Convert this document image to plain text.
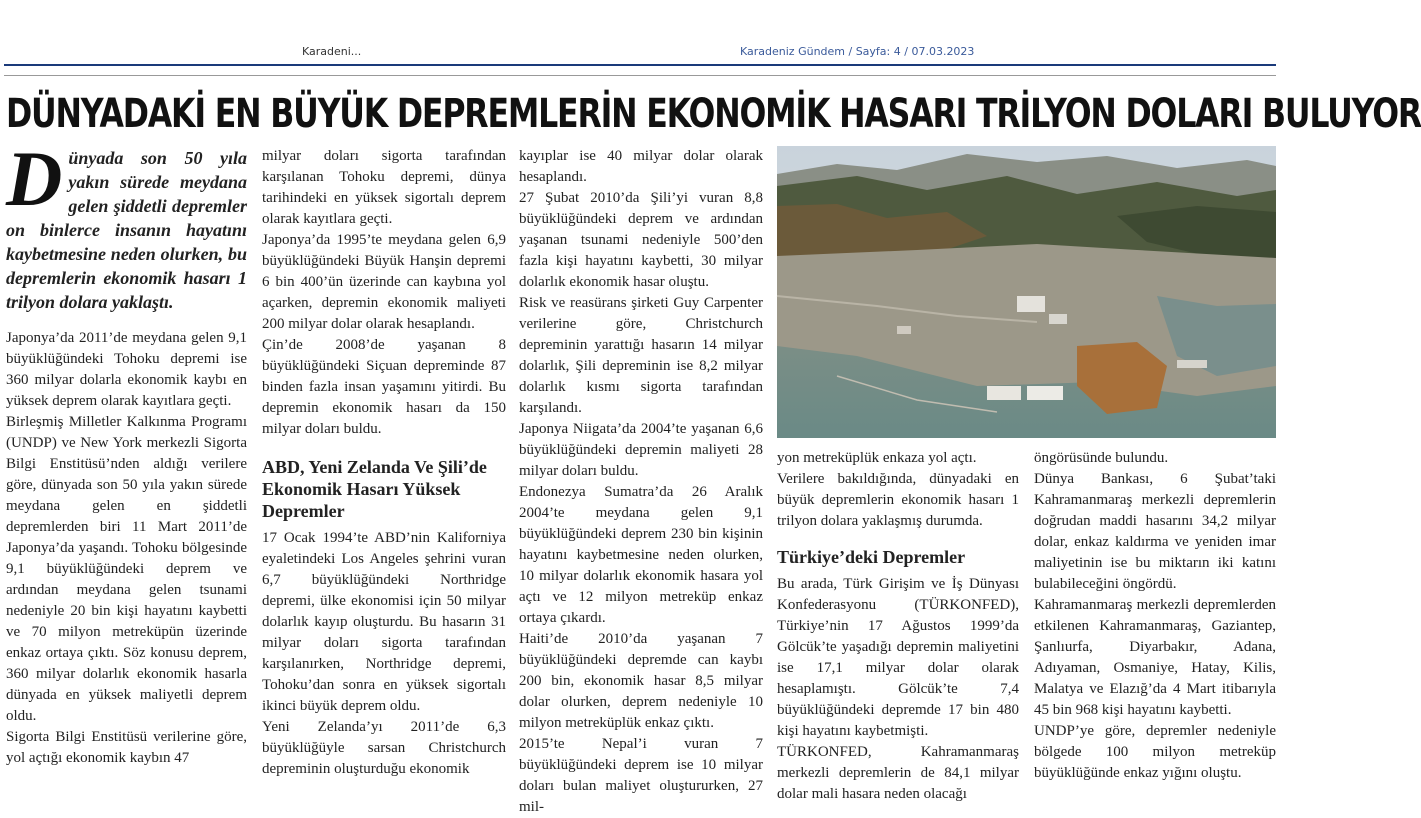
Karadeni...	Karadeniz Gündem / Sayfa: 4 / 07.03.2023
DÜNYADAKİ EN BÜYÜK DEPREMLERİN EKONOMİK HASARI TRİLYON DOLARI BULUYOR

Dünyada son 50 yıla yakın sürede meydana gelen şiddetli depremler on binlerce insanın hayatını kaybetmesine neden olurken, bu depremlerin ekonomik hasarı 1 trilyon dolara yaklaştı.

Japonya’da 2011’de meydana gelen 9,1 büyüklüğündeki Tohoku depremi ise 360 milyar dolarla ekonomik kaybı en yüksek deprem olarak kayıtlara geçti.

Birleşmiş Milletler Kalkınma Programı (UNDP) ve New York merkezli Sigorta Bilgi Enstitüsü’nden aldığı verilere göre, dünyada son 50 yıla yakın sürede meydana gelen en şiddetli depremlerden biri 11 Mart 2011’de Japonya’da yaşandı. Tohoku bölgesinde 9,1 büyüklüğündeki deprem ve ardından meydana gelen tsunami nedeniyle 20 bin kişi hayatını kaybetti ve 70 milyon metreküpün üzerinde enkaz ortaya çıktı. Söz konusu deprem, 360 milyar dolarlık ekonomik hasarla dünyada en yüksek maliyetli deprem oldu.

Sigorta Bilgi Enstitüsü verilerine göre, yol açtığı ekonomik kaybın 47

milyar doları sigorta tarafından karşılanan Tohoku depremi, dünya tarihindeki en yüksek sigortalı deprem olarak kayıtlara geçti.

Japonya’da 1995’te meydana gelen 6,9 büyüklüğündeki Büyük Hanşin depremi 6 bin 400’ün üzerinde can kaybına yol açarken, depremin ekonomik maliyeti 200 milyar dolar olarak hesaplandı.

Çin’de 2008’de yaşanan 8 büyüklüğündeki Siçuan depreminde 87 binden fazla insan yaşamını yitirdi. Bu depremin ekonomik hasarı da 150 milyar doları buldu.

ABD, Yeni Zelanda Ve Şili’de Ekonomik Hasarı Yüksek Depremler

17 Ocak 1994’te ABD’nin Kaliforniya eyaletindeki Los Angeles şehrini vuran 6,7 büyüklüğündeki Northridge depremi, ülke ekonomisi için 50 milyar dolarlık kayıp oluşturdu. Bu hasarın 31 milyar doları sigorta tarafından karşılanırken, Northridge depremi, Tohoku’dan sonra en yüksek sigortalı ikinci büyük deprem oldu.

Yeni Zelanda’yı 2011’de 6,3 büyüklüğüyle sarsan Christchurch depreminin oluşturduğu ekonomik

kayıplar ise 40 milyar dolar olarak hesaplandı.

27 Şubat 2010’da Şili’yi vuran 8,8 büyüklüğündeki deprem ve ardından yaşanan tsunami nedeniyle 500’den fazla kişi hayatını kaybetti, 30 milyar dolarlık ekonomik hasar oluştu.

Risk ve reasürans şirketi Guy Carpenter verilerine göre, Christchurch depreminin yarattığı hasarın 14 milyar dolarlık, Şili depreminin ise 8,2 milyar dolarlık kısmı sigorta tarafından karşılandı.

Japonya Niigata’da 2004’te yaşanan 6,6 büyüklüğündeki depremin maliyeti 28 milyar doları buldu.

Endonezya Sumatra’da 26 Aralık 2004’te meydana gelen 9,1 büyüklüğündeki deprem 230 bin kişinin hayatını kaybetmesine neden olurken, 10 milyar dolarlık ekonomik hasara yol açtı ve 12 milyon metreküp enkaz ortaya çıkardı.

Haiti’de 2010’da yaşanan 7 büyüklüğündeki depremde can kaybı 200 bin, ekonomik hasar 8,5 milyar dolar olurken, deprem nedeniyle 10 milyon metreküplük enkaz çıktı.

2015’te Nepal’i vuran 7 büyüklüğündeki deprem ise 10 milyar doları bulan maliyet oluştururken, 27 mil-

yon metreküplük enkaza yol açtı.

Verilere bakıldığında, dünyadaki en büyük depremlerin ekonomik hasarı 1 trilyon dolara yaklaşmış durumda.

Türkiye’deki Depremler

Bu arada, Türk Girişim ve İş Dünyası Konfederasyonu (TÜRKONFED), Türkiye’nin 17 Ağustos 1999’da Gölcük’te yaşadığı depremin maliyetini ise 17,1 milyar dolar olarak hesaplamıştı. Gölcük’te 7,4 büyüklüğündeki depremde 17 bin 480 kişi hayatını kaybetmişti.

TÜRKONFED, Kahramanmaraş merkezli depremlerin de 84,1 milyar dolar mali hasara neden olacağı

öngörüsünde bulundu.

Dünya Bankası, 6 Şubat’taki Kahramanmaraş merkezli depremlerin doğrudan maddi hasarını 34,2 milyar dolar, enkaz kaldırma ve yeniden imar maliyetinin ise bu miktarın iki katını bulabileceğini öngördü.

Kahramanmaraş merkezli depremlerden etkilenen Kahramanmaraş, Gaziantep, Şanlıurfa, Diyarbakır, Adana, Adıyaman, Osmaniye, Hatay, Kilis, Malatya ve Elazığ’da 4 Mart itibarıyla 45 bin 968 kişi hayatını kaybetti.

UNDP’ye göre, depremler nedeniyle bölgede 100 milyon metreküp büyüklüğünde enkaz yığını oluştu.
